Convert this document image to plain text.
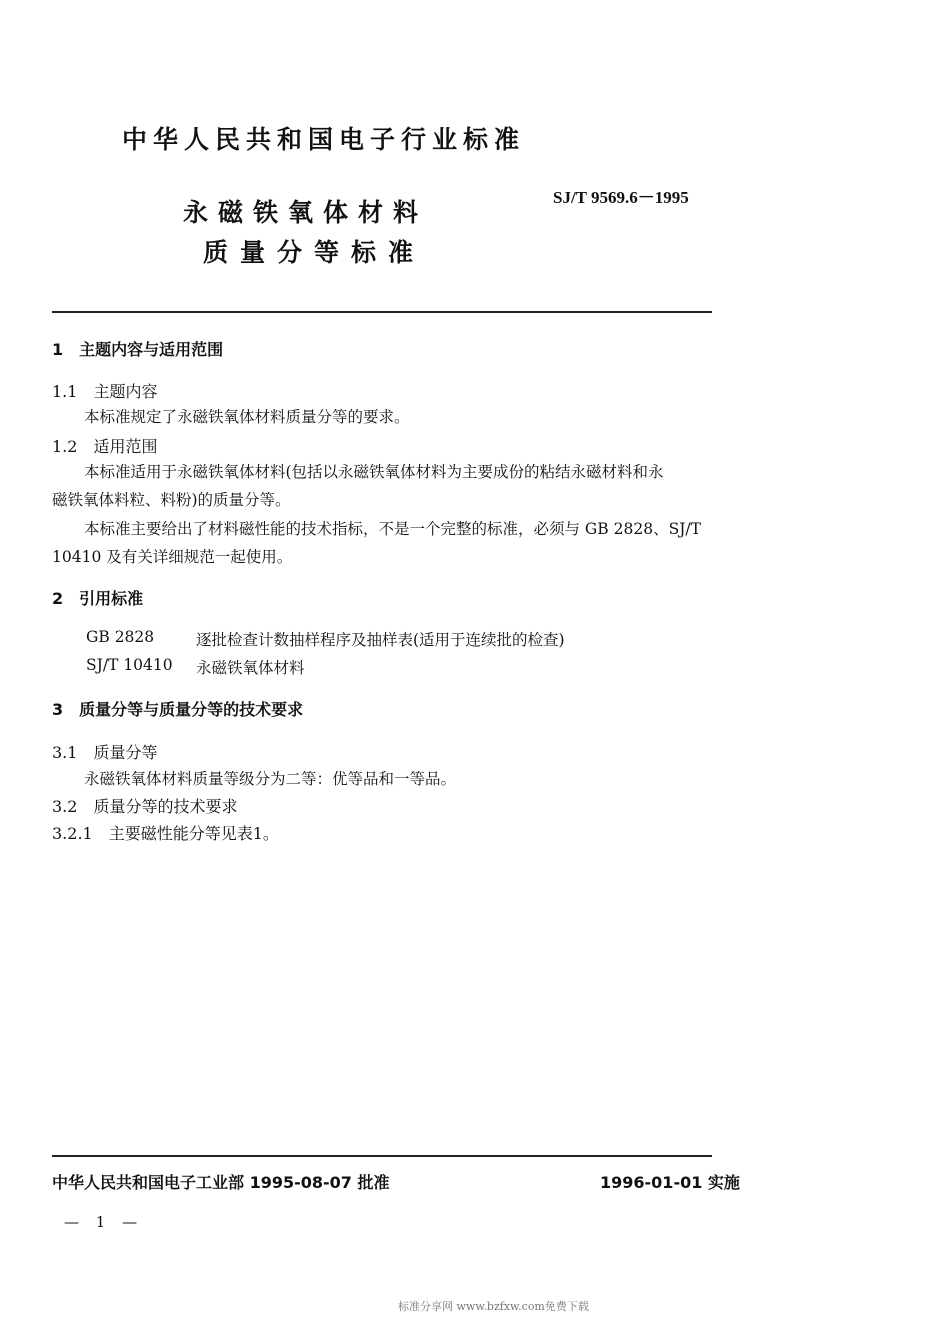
中华人民共和国电子行业标准
SJ/T 9569.6－1995
永磁铁氧体材料
质量分等标准
1　主题内容与适用范围
1.1　主题内容
本标准规定了永磁铁氧体材料质量分等的要求。
1.2　适用范围
本标准适用于永磁铁氧体材料(包括以永磁铁氧体材料为主要成份的粘结永磁材料和永
磁铁氧体料粒、料粉)的质量分等。
本标准主要给出了材料磁性能的技术指标，不是一个完整的标准，必须与 GB 2828、SJ/T
10410 及有关详细规范一起使用。
2　引用标准
GB 2828	逐批检查计数抽样程序及抽样表(适用于连续批的检查)
SJ/T 10410 永磁铁氧体材料
3　质量分等与质量分等的技术要求
3.1　质量分等
永磁铁氧体材料质量等级分为二等：优等品和一等品。
3.2　质量分等的技术要求
3.2.1　主要磁性能分等见表1。
中华人民共和国电子工业部 1995-08-07 批准	1996-01-01 实施
— 1 —
标准分享网 www.bzfxw.com免费下载
